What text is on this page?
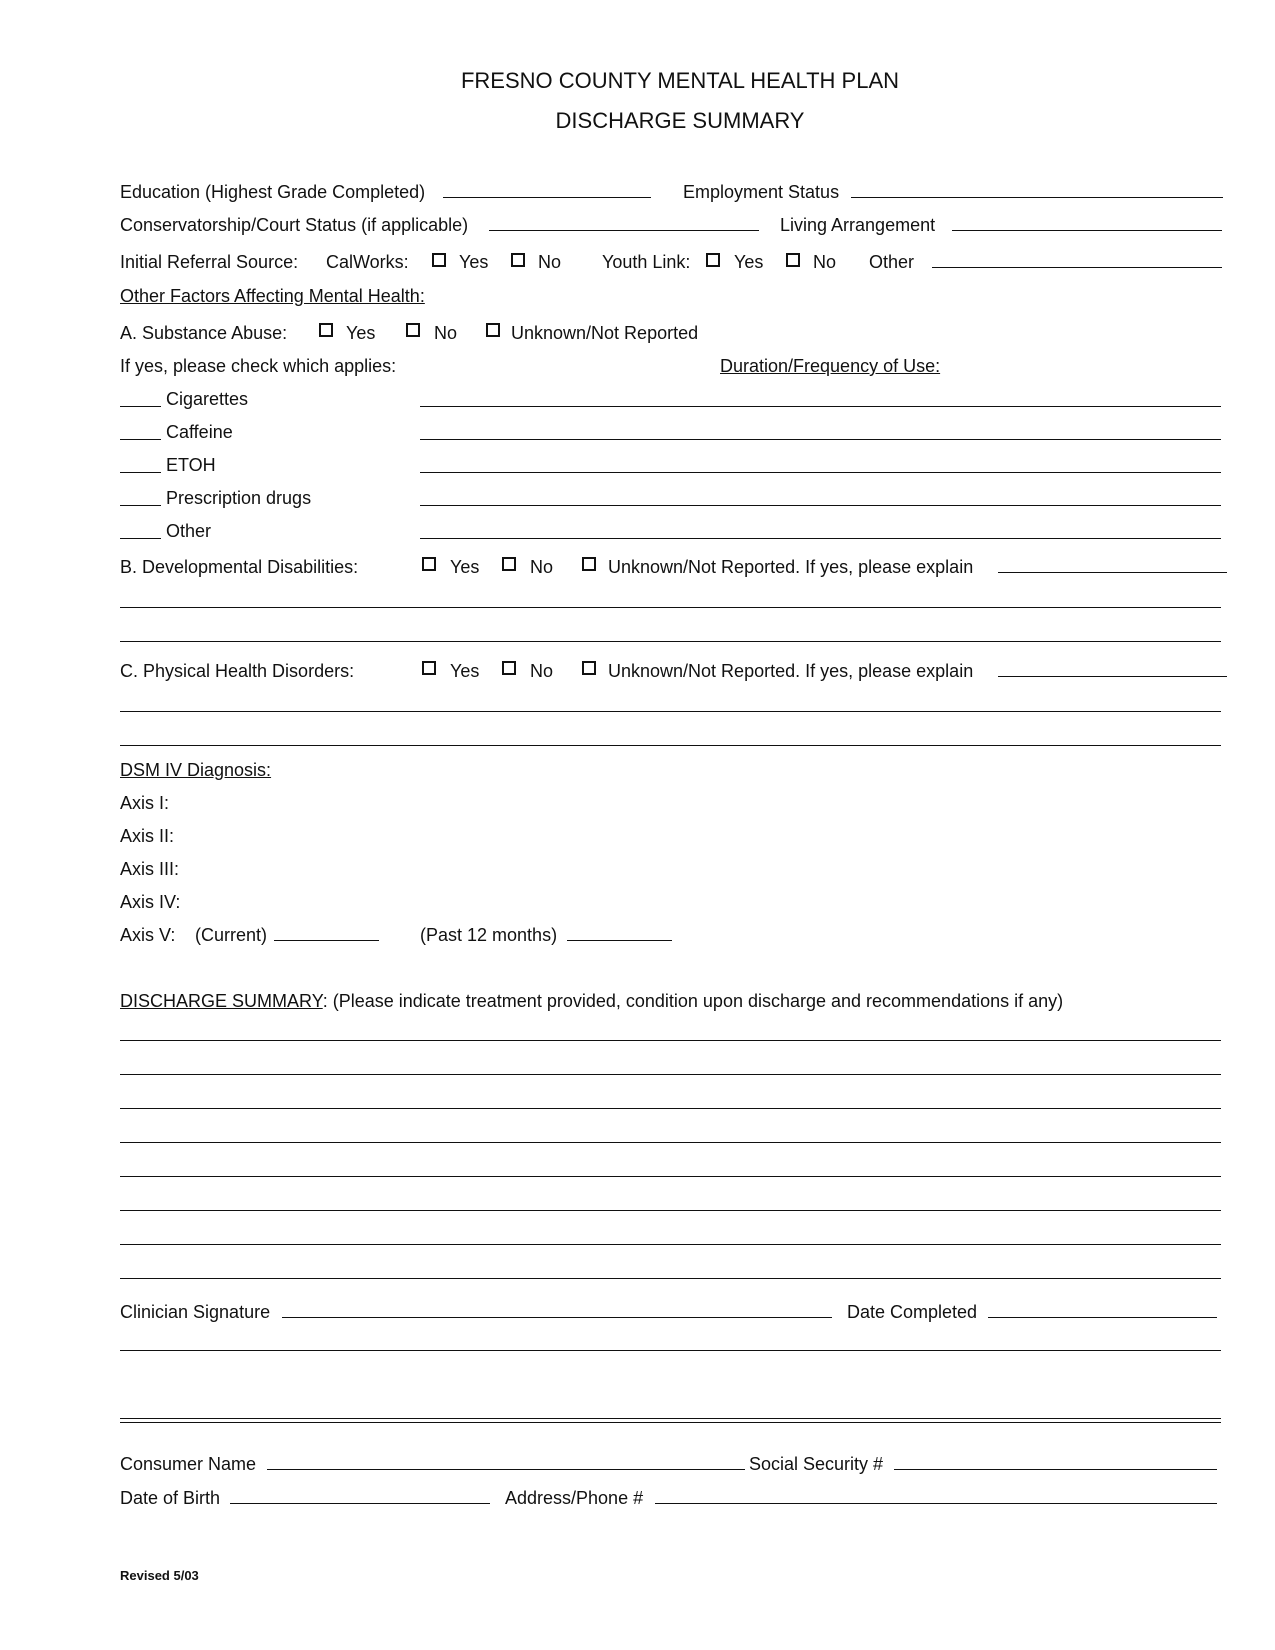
FRESNO COUNTY MENTAL HEALTH PLAN
DISCHARGE SUMMARY
Education (Highest Grade Completed)	Employment Status
Conservatorship/Court Status (if applicable)	Living Arrangement
Initial Referral Source: CalWorks:	Yes	No Youth Link: Yes	No Other
Other Factors Affecting Mental Health:
A. Substance Abuse:	Yes	No	Unknown/Not Reported
If yes, please check which applies:	Duration/Frequency of Use:
Cigarettes
Caffeine
ETOH
Prescription drugs
Other
B. Developmental Disabilities:	Yes	No	Unknown/Not Reported. If yes, please explain
C. Physical Health Disorders:	Yes	No	Unknown/Not Reported. If yes, please explain
DSM IV Diagnosis:
Axis I:
Axis II:
Axis III:
Axis IV:
Axis V: (Current)	(Past 12 months)
DISCHARGE SUMMARY: (Please indicate treatment provided, condition upon discharge and recommendations if any)
Clinician Signature	Date Completed
Consumer Name	Social Security #
Date of Birth	Address/Phone #
Revised 5/03
